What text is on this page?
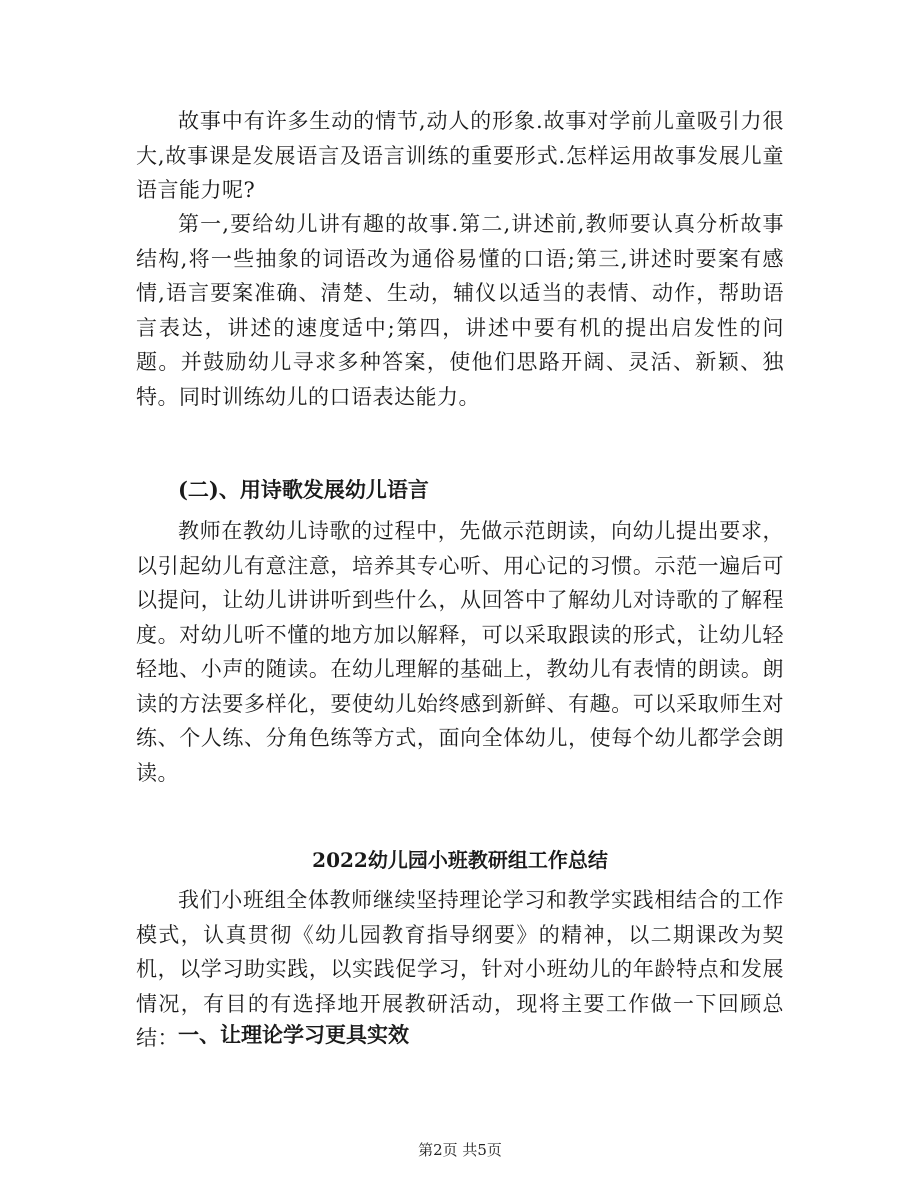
故事中有许多生动的情节,动人的形象.故事对学前儿童吸引力很大,故事课是发展语言及语言训练的重要形式.怎样运用故事发展儿童语言能力呢?

第一,要给幼儿讲有趣的故事.第二,讲述前,教师要认真分析故事结构,将一些抽象的词语改为通俗易懂的口语;第三,讲述时要案有感情,语言要案准确、清楚、生动，辅仪以适当的表情、动作，帮助语言表达，讲述的速度适中;第四，讲述中要有机的提出启发性的问题。并鼓励幼儿寻求多种答案，使他们思路开阔、灵活、新颖、独特。同时训练幼儿的口语表达能力。

(二)、用诗歌发展幼儿语言

教师在教幼儿诗歌的过程中，先做示范朗读，向幼儿提出要求，以引起幼儿有意注意，培养其专心听、用心记的习惯。示范一遍后可以提问，让幼儿讲讲听到些什么，从回答中了解幼儿对诗歌的了解程度。对幼儿听不懂的地方加以解释，可以采取跟读的形式，让幼儿轻轻地、小声的随读。在幼儿理解的基础上，教幼儿有表情的朗读。朗读的方法要多样化，要使幼儿始终感到新鲜、有趣。可以采取师生对练、个人练、分角色练等方式，面向全体幼儿，使每个幼儿都学会朗读。

2022幼儿园小班教研组工作总结

我们小班组全体教师继续坚持理论学习和教学实践相结合的工作模式，认真贯彻《幼儿园教育指导纲要》的精神，以二期课改为契机，以学习助实践，以实践促学习，针对小班幼儿的年龄特点和发展情况，有目的有选择地开展教研活动，现将主要工作做一下回顾总结： 一、让理论学习更具实效

第2页 共5页
